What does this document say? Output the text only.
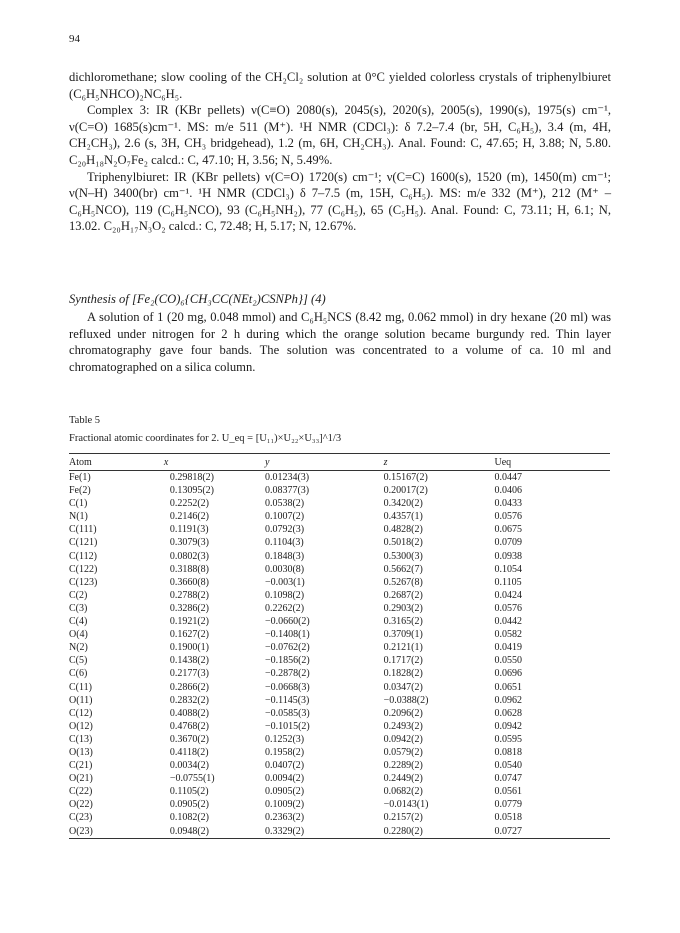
94

dichloromethane; slow cooling of the CH₂Cl₂ solution at 0°C yielded colorless crystals of triphenylbiuret (C₆H₅NHCO)₂NC₆H₅.

Complex 3: IR (KBr pellets) ν(C≡O) 2080(s), 2045(s), 2020(s), 2005(s), 1990(s), 1975(s) cm⁻¹, ν(C=O) 1685(s)cm⁻¹. MS: m/e 511 (M⁺). ¹H NMR (CDCl₃): δ 7.2–7.4 (br, 5H, C₆H₅), 3.4 (m, 4H, CH₂CH₃), 2.6 (s, 3H, CH₃ bridgehead), 1.2 (m, 6H, CH₂CH₃). Anal. Found: C, 47.65; H, 3.88; N, 5.80. C₂₀H₁₈N₂O₇Fe₂ calcd.: C, 47.10; H, 3.56; N, 5.49%.

Triphenylbiuret: IR (KBr pellets) ν(C=O) 1720(s) cm⁻¹; ν(C=C) 1600(s), 1520 (m), 1450(m) cm⁻¹; ν(N–H) 3400(br) cm⁻¹. ¹H NMR (CDCl₃) δ 7–7.5 (m, 15H, C₆H₅). MS: m/e 332 (M⁺), 212 (M⁺ – C₆H₅NCO), 119 (C₆H₅NCO), 93 (C₆H₅NH₂), 77 (C₆H₅), 65 (C₅H₅). Anal. Found: C, 73.11; H, 6.1; N, 13.02. C₂₀H₁₇N₃O₂ calcd.: C, 72.48; H, 5.17; N, 12.67%.

Synthesis of [Fe₂(CO)₆{CH₃CC(NEt₂)CSNPh}] (4)
A solution of 1 (20 mg, 0.048 mmol) and C₆H₅NCS (8.42 mg, 0.062 mmol) in dry hexane (20 ml) was refluxed under nitrogen for 2 h during which the orange solution became burgundy red. Thin layer chromatography gave four bands. The solution was concentrated to a volume of ca. 10 ml and chromatographed on a silica column.
Table 5
Fractional atomic coordinates for 2. U_eq = [U₁₁)×U₂₂×U₃₃]^1/3
Atom	x	y	z	Ueq
Fe(1)	0.29818(2)	0.01234(3)	0.15167(2)	0.0447
Fe(2)	0.13095(2)	0.08377(3)	0.20017(2)	0.0406
C(1)	0.2252(2)	0.0538(2)	0.3420(2)	0.0433
N(1)	0.2146(2)	0.1007(2)	0.4357(1)	0.0576
C(111)	0.1191(3)	0.0792(3)	0.4828(2)	0.0675
C(121)	0.3079(3)	0.1104(3)	0.5018(2)	0.0709
C(112)	0.0802(3)	0.1848(3)	0.5300(3)	0.0938
C(122)	0.3188(8)	0.0030(8)	0.5662(7)	0.1054
C(123)	0.3660(8)	−0.003(1)	0.5267(8)	0.1105
C(2)	0.2788(2)	0.1098(2)	0.2687(2)	0.0424
C(3)	0.3286(2)	0.2262(2)	0.2903(2)	0.0576
C(4)	0.1921(2)	−0.0660(2)	0.3165(2)	0.0442
O(4)	0.1627(2)	−0.1408(1)	0.3709(1)	0.0582
N(2)	0.1900(1)	−0.0762(2)	0.2121(1)	0.0419
C(5)	0.1438(2)	−0.1856(2)	0.1717(2)	0.0550
C(6)	0.2177(3)	−0.2878(2)	0.1828(2)	0.0696
C(11)	0.2866(2)	−0.0668(3)	0.0347(2)	0.0651
O(11)	0.2832(2)	−0.1145(3)	−0.0388(2)	0.0962
C(12)	0.4088(2)	−0.0585(3)	0.2096(2)	0.0628
O(12)	0.4768(2)	−0.1015(2)	0.2493(2)	0.0942
C(13)	0.3670(2)	0.1252(3)	0.0942(2)	0.0595
O(13)	0.4118(2)	0.1958(2)	0.0579(2)	0.0818
C(21)	0.0034(2)	0.0407(2)	0.2289(2)	0.0540
O(21)	−0.0755(1)	0.0094(2)	0.2449(2)	0.0747
C(22)	0.1105(2)	0.0905(2)	0.0682(2)	0.0561
O(22)	0.0905(2)	0.1009(2)	−0.0143(1)	0.0779
C(23)	0.1082(2)	0.2363(2)	0.2157(2)	0.0518
O(23)	0.0948(2)	0.3329(2)	0.2280(2)	0.0727
